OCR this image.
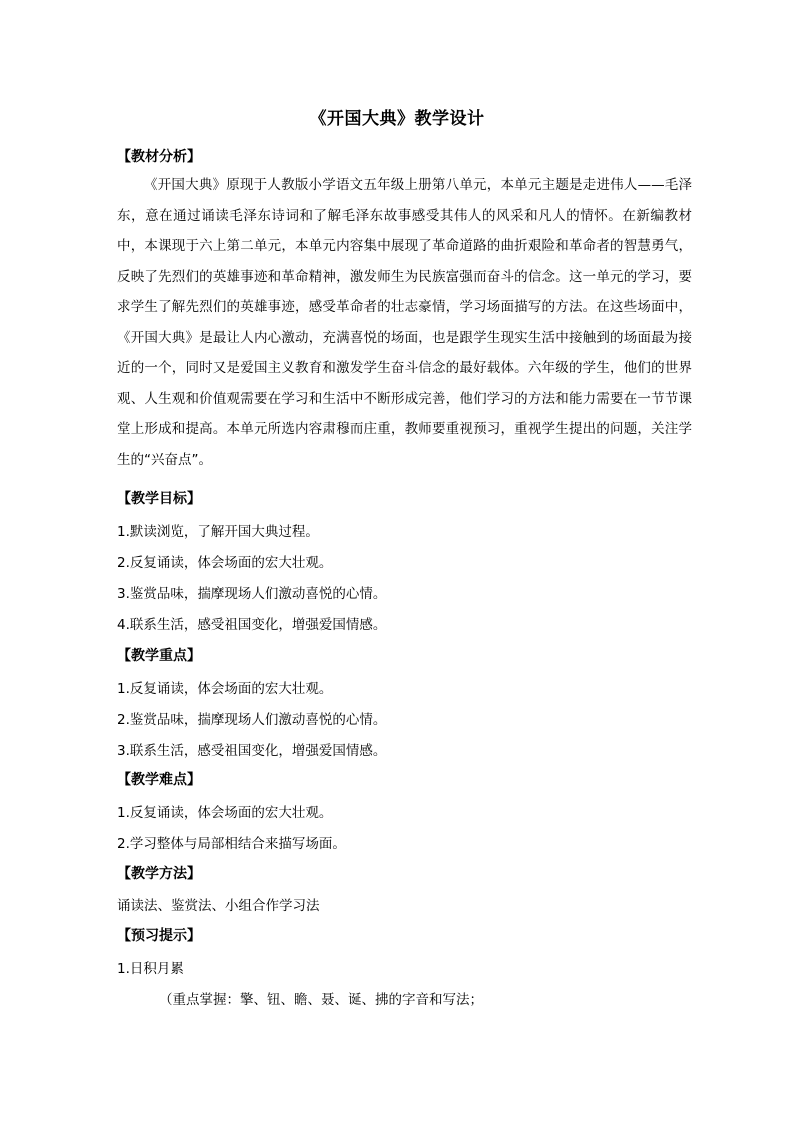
《开国大典》教学设计
【教材分析】
《开国大典》原现于人教版小学语文五年级上册第八单元，本单元主题是走进伟人——毛泽东，意在通过诵读毛泽东诗词和了解毛泽东故事感受其伟人的风采和凡人的情怀。在新编教材中，本课现于六上第二单元，本单元内容集中展现了革命道路的曲折艰险和革命者的智慧勇气，反映了先烈们的英雄事迹和革命精神，激发师生为民族富强而奋斗的信念。这一单元的学习，要求学生了解先烈们的英雄事迹，感受革命者的壮志豪情，学习场面描写的方法。在这些场面中，《开国大典》是最让人内心激动，充满喜悦的场面，也是跟学生现实生活中接触到的场面最为接近的一个，同时又是爱国主义教育和激发学生奋斗信念的最好载体。六年级的学生，他们的世界观、人生观和价值观需要在学习和生活中不断形成完善，他们学习的方法和能力需要在一节节课堂上形成和提高。本单元所选内容肃穆而庄重，教师要重视预习，重视学生提出的问题，关注学生的“兴奋点”。
【教学目标】
1.默读浏览，了解开国大典过程。
2.反复诵读，体会场面的宏大壮观。
3.鉴赏品味，揣摩现场人们激动喜悦的心情。
4.联系生活，感受祖国变化，增强爱国情感。
【教学重点】
1.反复诵读，体会场面的宏大壮观。
2.鉴赏品味，揣摩现场人们激动喜悦的心情。
3.联系生活，感受祖国变化，增强爱国情感。
【教学难点】
1.反复诵读，体会场面的宏大壮观。
2.学习整体与局部相结合来描写场面。
【教学方法】
诵读法、鉴赏法、小组合作学习法
【预习提示】
1.日积月累
（重点掌握：擎、钮、瞻、聂、诞、拂的字音和写法；
